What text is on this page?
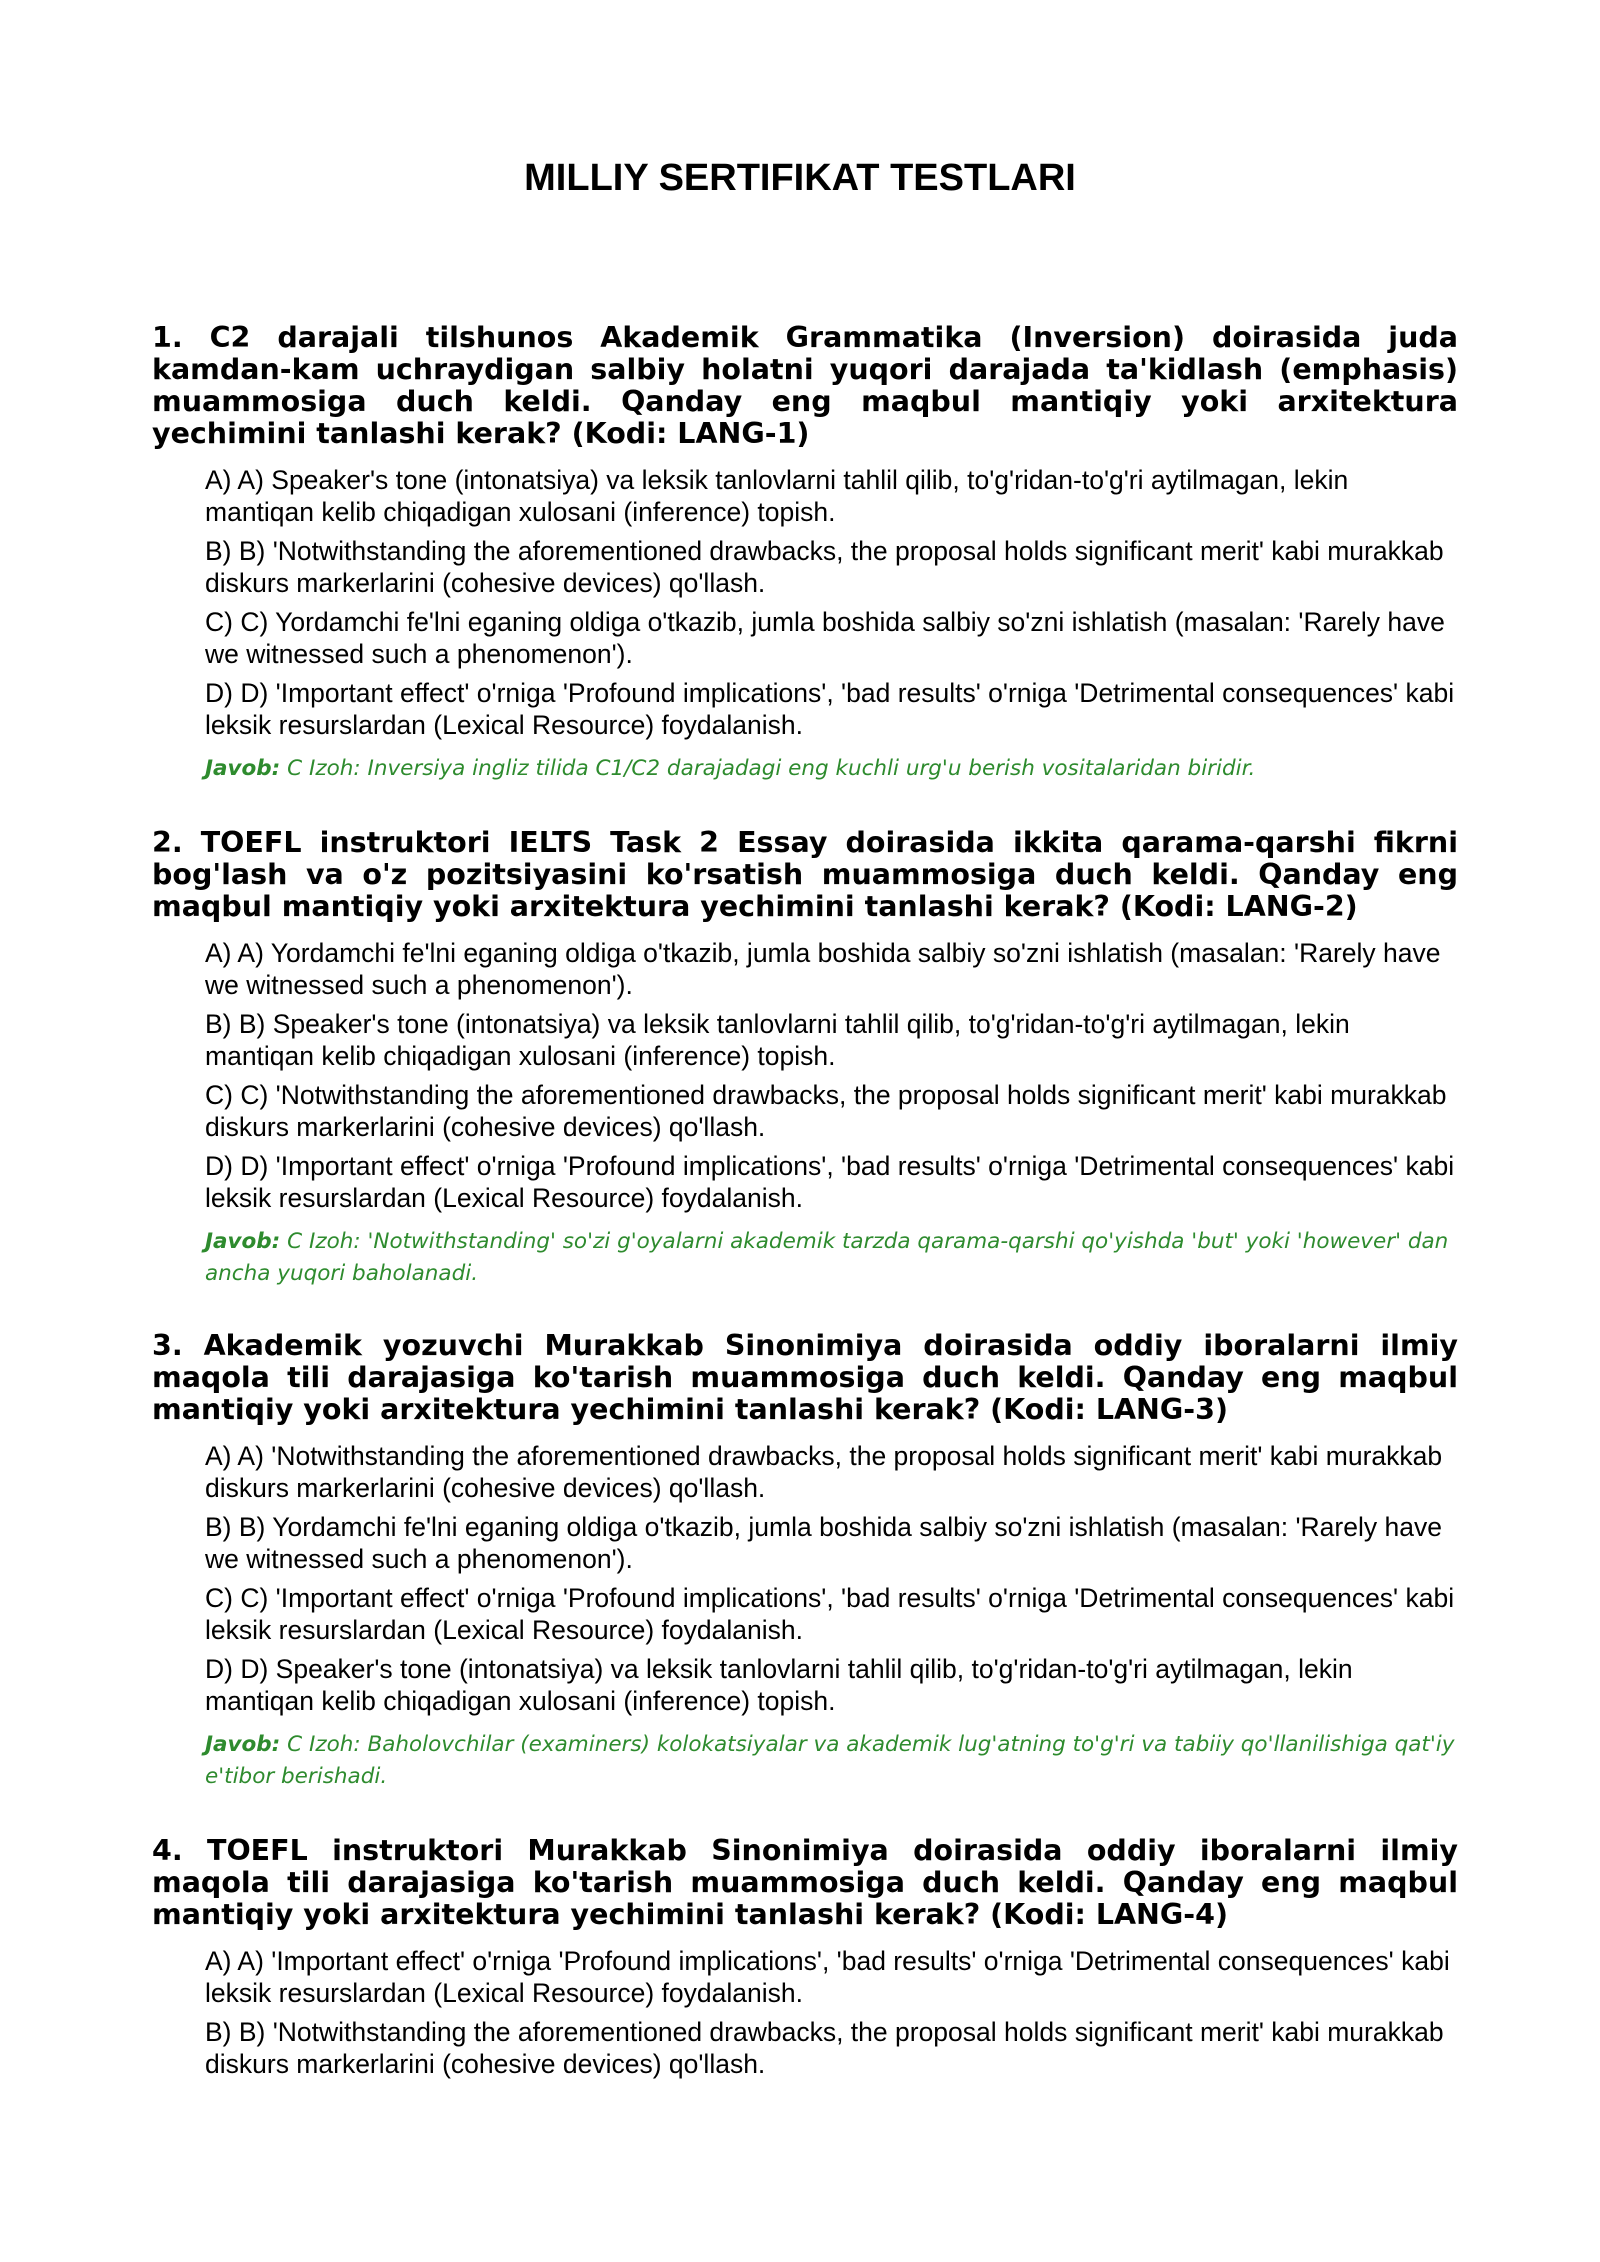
MILLIY SERTIFIKAT TESTLARI

1. C2 darajali tilshunos Akademik Grammatika (Inversion) doirasida juda kamdan-kam uchraydigan salbiy holatni yuqori darajada ta'kidlash (emphasis) muammosiga duch keldi. Qanday eng maqbul mantiqiy yoki arxitektura yechimini tanlashi kerak? (Kodi: LANG-1)

A) A) Speaker's tone (intonatsiya) va leksik tanlovlarni tahlil qilib, to'g'ridan-to'g'ri aytilmagan, lekin mantiqan kelib chiqadigan xulosani (inference) topish.

B) B) 'Notwithstanding the aforementioned drawbacks, the proposal holds significant merit' kabi murakkab diskurs markerlarini (cohesive devices) qo'llash.

C) C) Yordamchi fe'lni eganing oldiga o'tkazib, jumla boshida salbiy so'zni ishlatish (masalan: 'Rarely have we witnessed such a phenomenon').

D) D) 'Important effect' o'rniga 'Profound implications', 'bad results' o'rniga 'Detrimental consequences' kabi leksik resurslardan (Lexical Resource) foydalanish.

Javob: C Izoh: Inversiya ingliz tilida C1/C2 darajadagi eng kuchli urg'u berish vositalaridan biridir.

2. TOEFL instruktori IELTS Task 2 Essay doirasida ikkita qarama-qarshi fikrni bog'lash va o'z pozitsiyasini ko'rsatish muammosiga duch keldi. Qanday eng maqbul mantiqiy yoki arxitektura yechimini tanlashi kerak? (Kodi: LANG-2)

A) A) Yordamchi fe'lni eganing oldiga o'tkazib, jumla boshida salbiy so'zni ishlatish (masalan: 'Rarely have we witnessed such a phenomenon').

B) B) Speaker's tone (intonatsiya) va leksik tanlovlarni tahlil qilib, to'g'ridan-to'g'ri aytilmagan, lekin mantiqan kelib chiqadigan xulosani (inference) topish.

C) C) 'Notwithstanding the aforementioned drawbacks, the proposal holds significant merit' kabi murakkab diskurs markerlarini (cohesive devices) qo'llash.

D) D) 'Important effect' o'rniga 'Profound implications', 'bad results' o'rniga 'Detrimental consequences' kabi leksik resurslardan (Lexical Resource) foydalanish.

Javob: C Izoh: 'Notwithstanding' so'zi g'oyalarni akademik tarzda qarama-qarshi qo'yishda 'but' yoki 'however' dan ancha yuqori baholanadi.

3. Akademik yozuvchi Murakkab Sinonimiya doirasida oddiy iboralarni ilmiy maqola tili darajasiga ko'tarish muammosiga duch keldi. Qanday eng maqbul mantiqiy yoki arxitektura yechimini tanlashi kerak? (Kodi: LANG-3)

A) A) 'Notwithstanding the aforementioned drawbacks, the proposal holds significant merit' kabi murakkab diskurs markerlarini (cohesive devices) qo'llash.

B) B) Yordamchi fe'lni eganing oldiga o'tkazib, jumla boshida salbiy so'zni ishlatish (masalan: 'Rarely have we witnessed such a phenomenon').

C) C) 'Important effect' o'rniga 'Profound implications', 'bad results' o'rniga 'Detrimental consequences' kabi leksik resurslardan (Lexical Resource) foydalanish.

D) D) Speaker's tone (intonatsiya) va leksik tanlovlarni tahlil qilib, to'g'ridan-to'g'ri aytilmagan, lekin mantiqan kelib chiqadigan xulosani (inference) topish.

Javob: C Izoh: Baholovchilar (examiners) kolokatsiyalar va akademik lug'atning to'g'ri va tabiiy qo'llanilishiga qat'iy e'tibor berishadi.

4. TOEFL instruktori Murakkab Sinonimiya doirasida oddiy iboralarni ilmiy maqola tili darajasiga ko'tarish muammosiga duch keldi. Qanday eng maqbul mantiqiy yoki arxitektura yechimini tanlashi kerak? (Kodi: LANG-4)

A) A) 'Important effect' o'rniga 'Profound implications', 'bad results' o'rniga 'Detrimental consequences' kabi leksik resurslardan (Lexical Resource) foydalanish.

B) B) 'Notwithstanding the aforementioned drawbacks, the proposal holds significant merit' kabi murakkab diskurs markerlarini (cohesive devices) qo'llash.
